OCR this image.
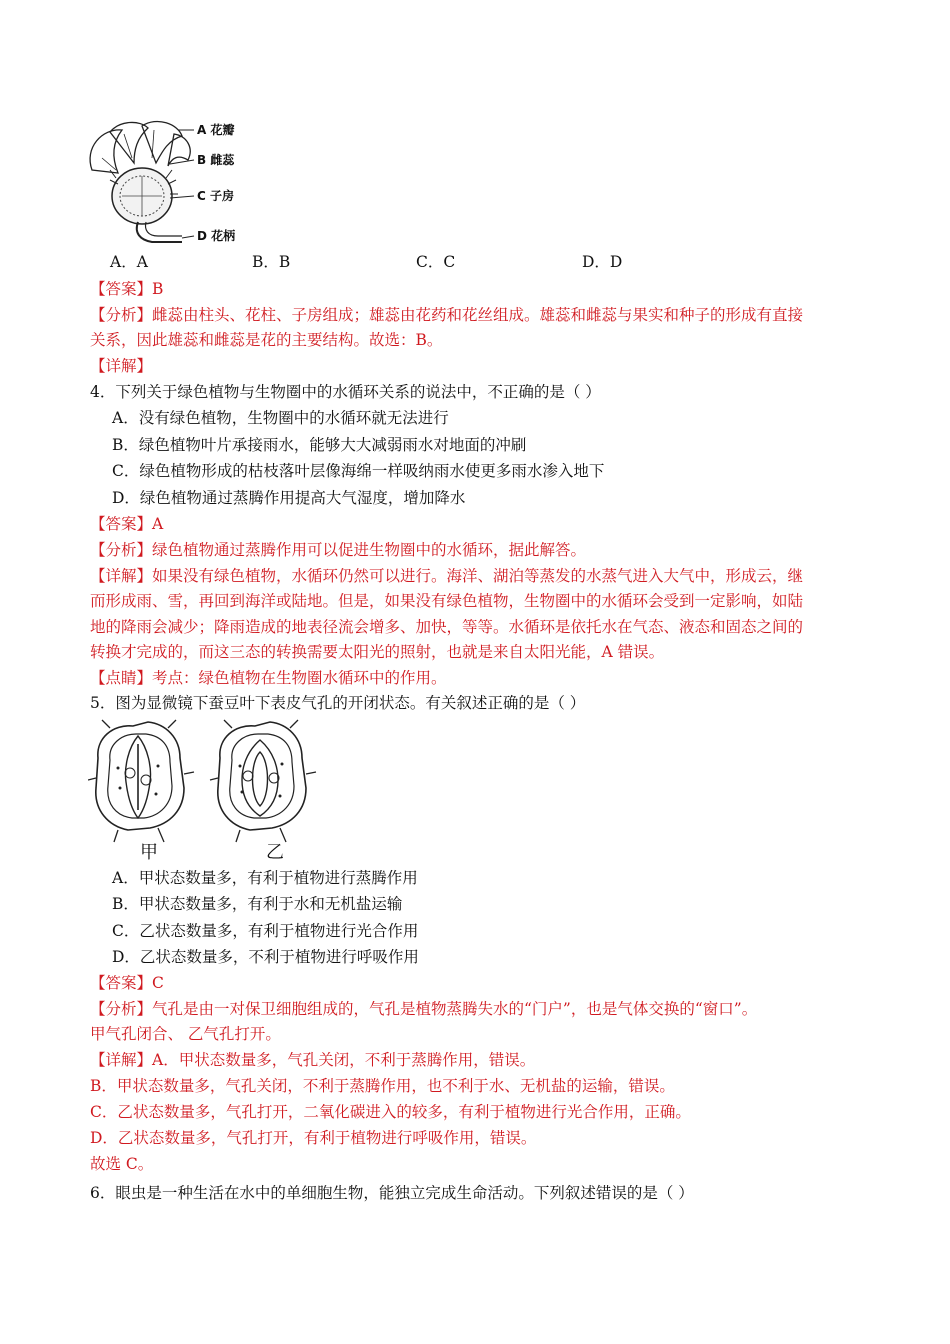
A 花瓣
B 雌蕊
C 子房
D 花柄
A．A	B．B	C．C	D．D
【答案】B
【分析】雌蕊由柱头、花柱、子房组成；雄蕊由花药和花丝组成。雄蕊和雌蕊与果实和种子的形成有直接
关系，因此雄蕊和雌蕊是花的主要结构。故选：B。
【详解】
4．下列关于绿色植物与生物圈中的水循环关系的说法中，不正确的是（ ）
A．没有绿色植物，生物圈中的水循环就无法进行
B．绿色植物叶片承接雨水，能够大大减弱雨水对地面的冲刷
C．绿色植物形成的枯枝落叶层像海绵一样吸纳雨水使更多雨水渗入地下
D．绿色植物通过蒸腾作用提高大气湿度，增加降水
【答案】A
【分析】绿色植物通过蒸腾作用可以促进生物圈中的水循环，据此解答。
【详解】如果没有绿色植物，水循环仍然可以进行。海洋、湖泊等蒸发的水蒸气进入大气中，形成云，继
而形成雨、雪，再回到海洋或陆地。但是，如果没有绿色植物，生物圈中的水循环会受到一定影响，如陆
地的降雨会减少；降雨造成的地表径流会增多、加快，等等。水循环是依托水在气态、液态和固态之间的
转换才完成的，而这三态的转换需要太阳光的照射，也就是来自太阳光能，A 错误。
【点睛】考点：绿色植物在生物圈水循环中的作用。
5．图为显微镜下蚕豆叶下表皮气孔的开闭状态。有关叙述正确的是（ ）
甲	乙
A．甲状态数量多，有利于植物进行蒸腾作用
B．甲状态数量多，有利于水和无机盐运输
C．乙状态数量多，有利于植物进行光合作用
D．乙状态数量多，不利于植物进行呼吸作用
【答案】C
【分析】气孔是由一对保卫细胞组成的，气孔是植物蒸腾失水的“门户”，也是气体交换的“窗口”。
甲气孔闭合、 乙气孔打开。
【详解】A．甲状态数量多，气孔关闭，不利于蒸腾作用，错误。
B．甲状态数量多，气孔关闭，不利于蒸腾作用，也不利于水、无机盐的运输，错误。
C．乙状态数量多，气孔打开，二氧化碳进入的较多，有利于植物进行光合作用，正确。
D．乙状态数量多，气孔打开，有利于植物进行呼吸作用，错误。
故选 C。
6．眼虫是一种生活在水中的单细胞生物，能独立完成生命活动。下列叙述错误的是（ ）
